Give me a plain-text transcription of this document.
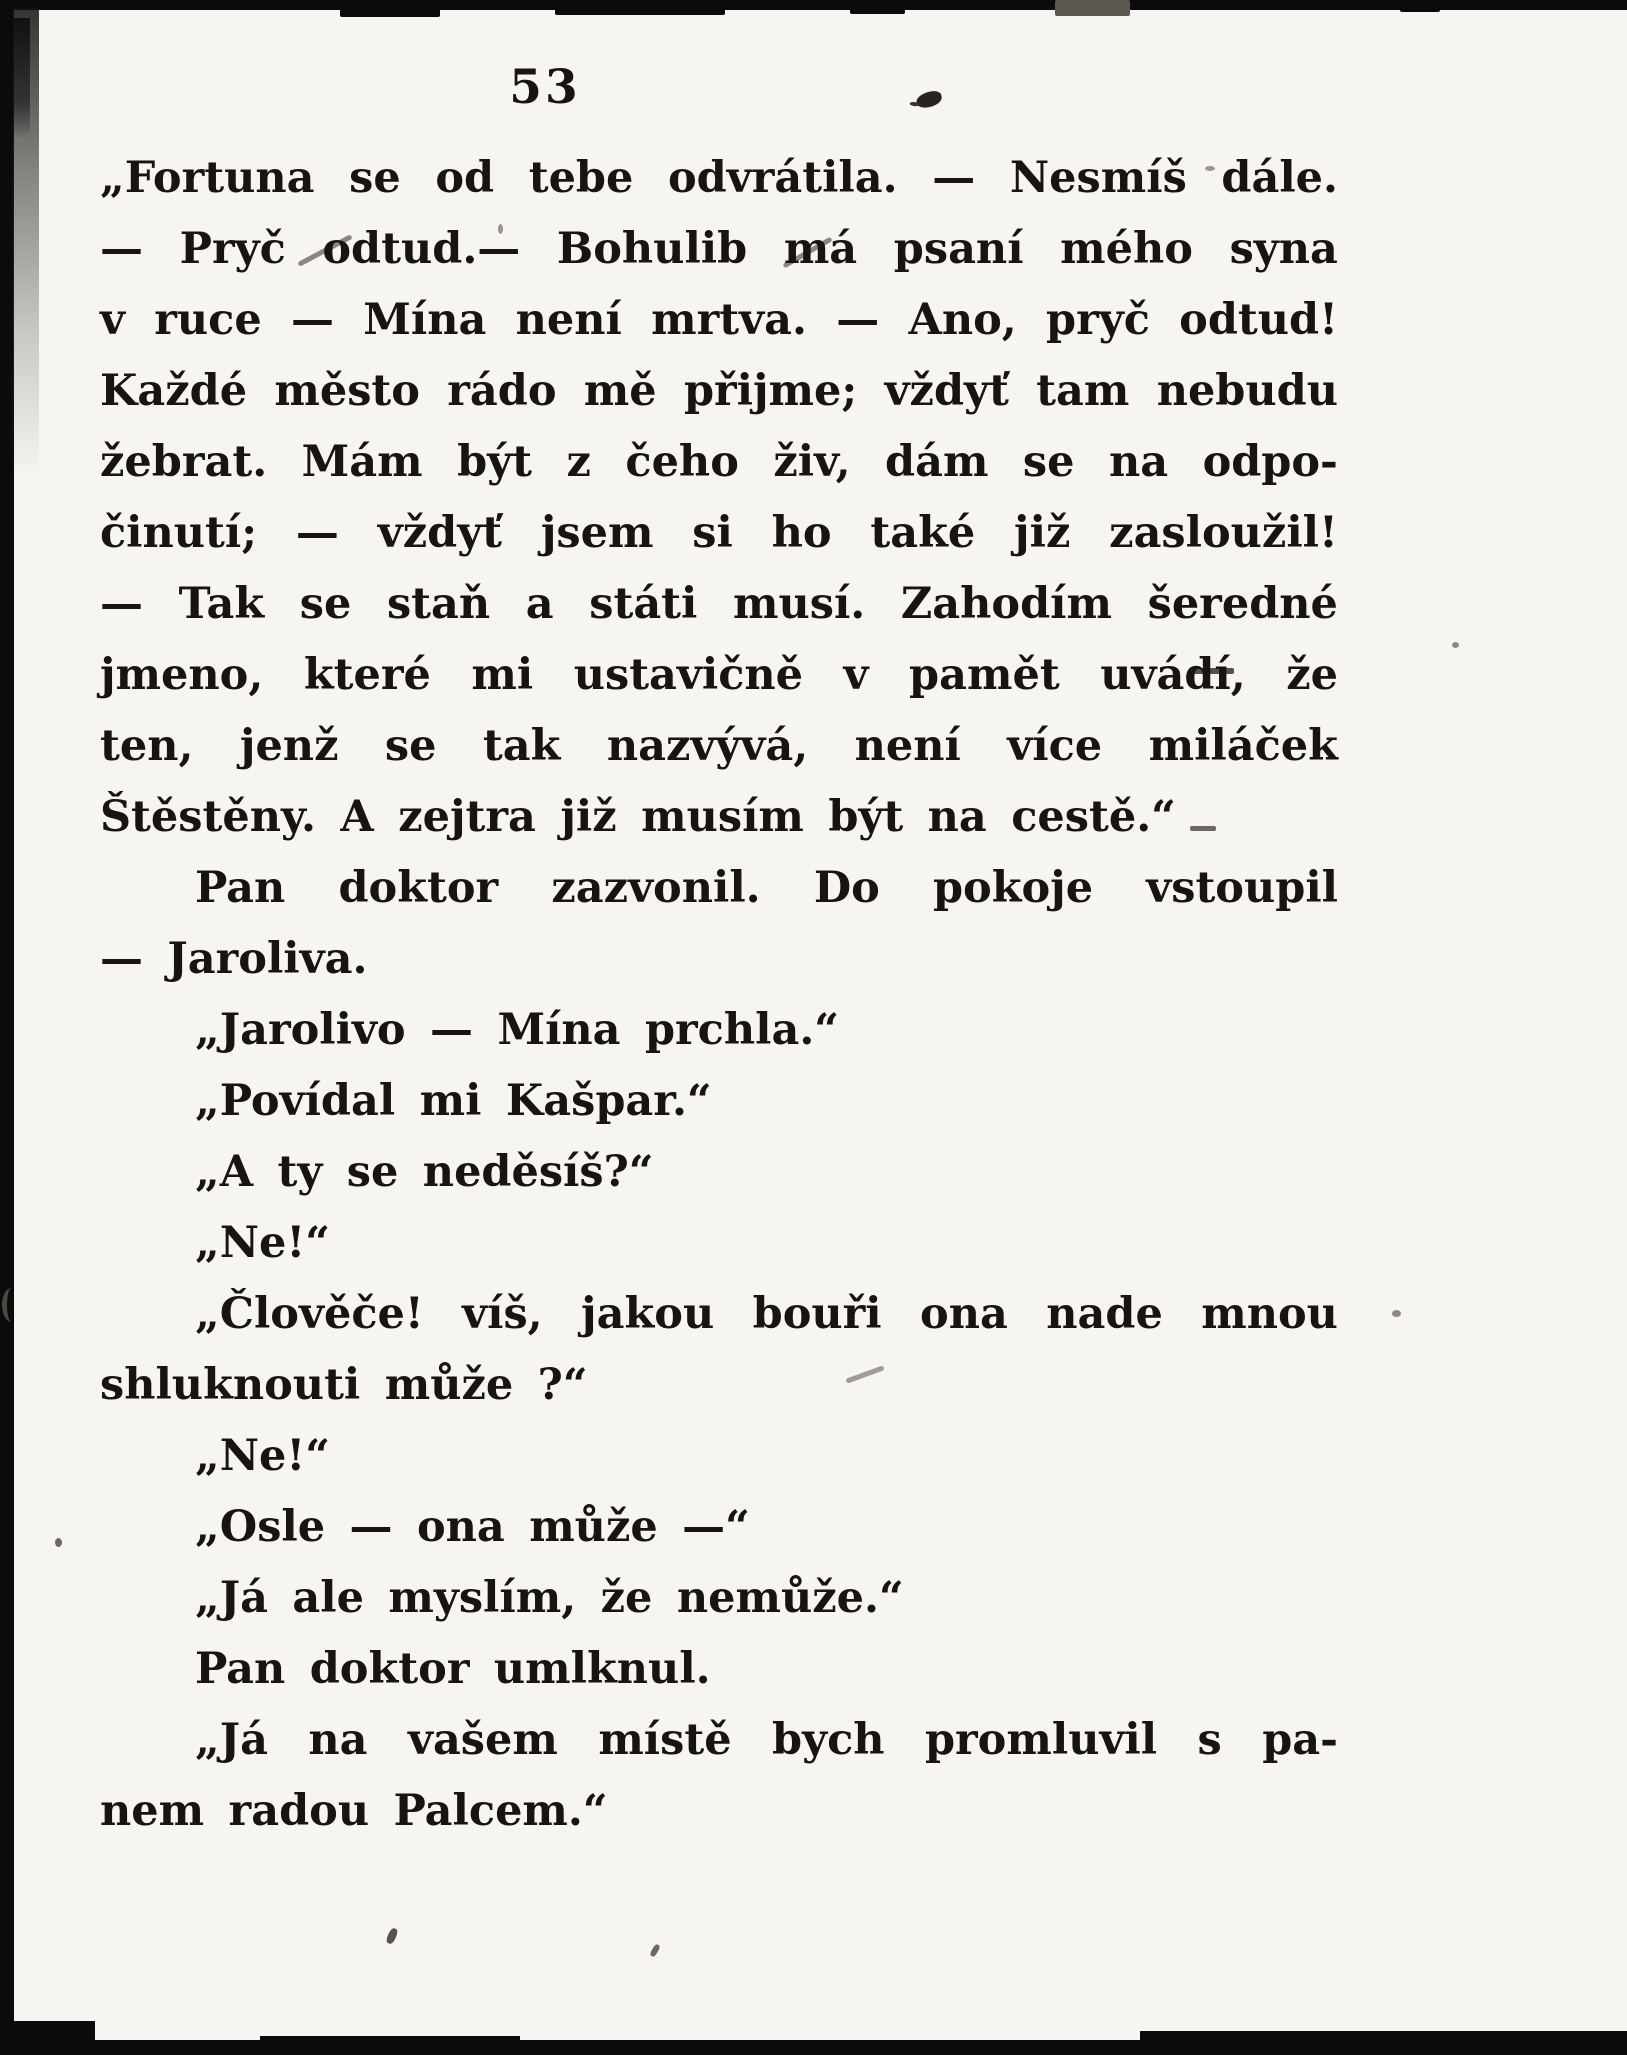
53
„Fortuna se od tebe odvrátila. — Nesmíš dále.
— Pryč odtud.— Bohulib má psaní mého syna
v ruce — Mína není mrtva. — Ano, pryč odtud!
Každé město rádo mě přijme; vždyť tam nebudu
žebrat. Mám být z čeho živ, dám se na odpo-
činutí; — vždyť jsem si ho také již zasloužil!
— Tak se staň a státi musí. Zahodím šeredné
jmeno, které mi ustavičně v pamět uvádí, že
ten, jenž se tak nazvývá, není více miláček
Štěstěny. A zejtra již musím být na cestě.“
Pan doktor zazvonil. Do pokoje vstoupil
— Jaroliva.
„Jarolivo — Mína prchla.“
„Povídal mi Kašpar.“
„A ty se neděsíš?“
„Ne!“
„Člověče! víš, jakou bouři ona nade mnou
shluknouti může ?“
„Ne!“
„Osle — ona může —“
„Já ale myslím, že nemůže.“
Pan doktor umlknul.
„Já na vašem místě bych promluvil s pa-
nem radou Palcem.“
